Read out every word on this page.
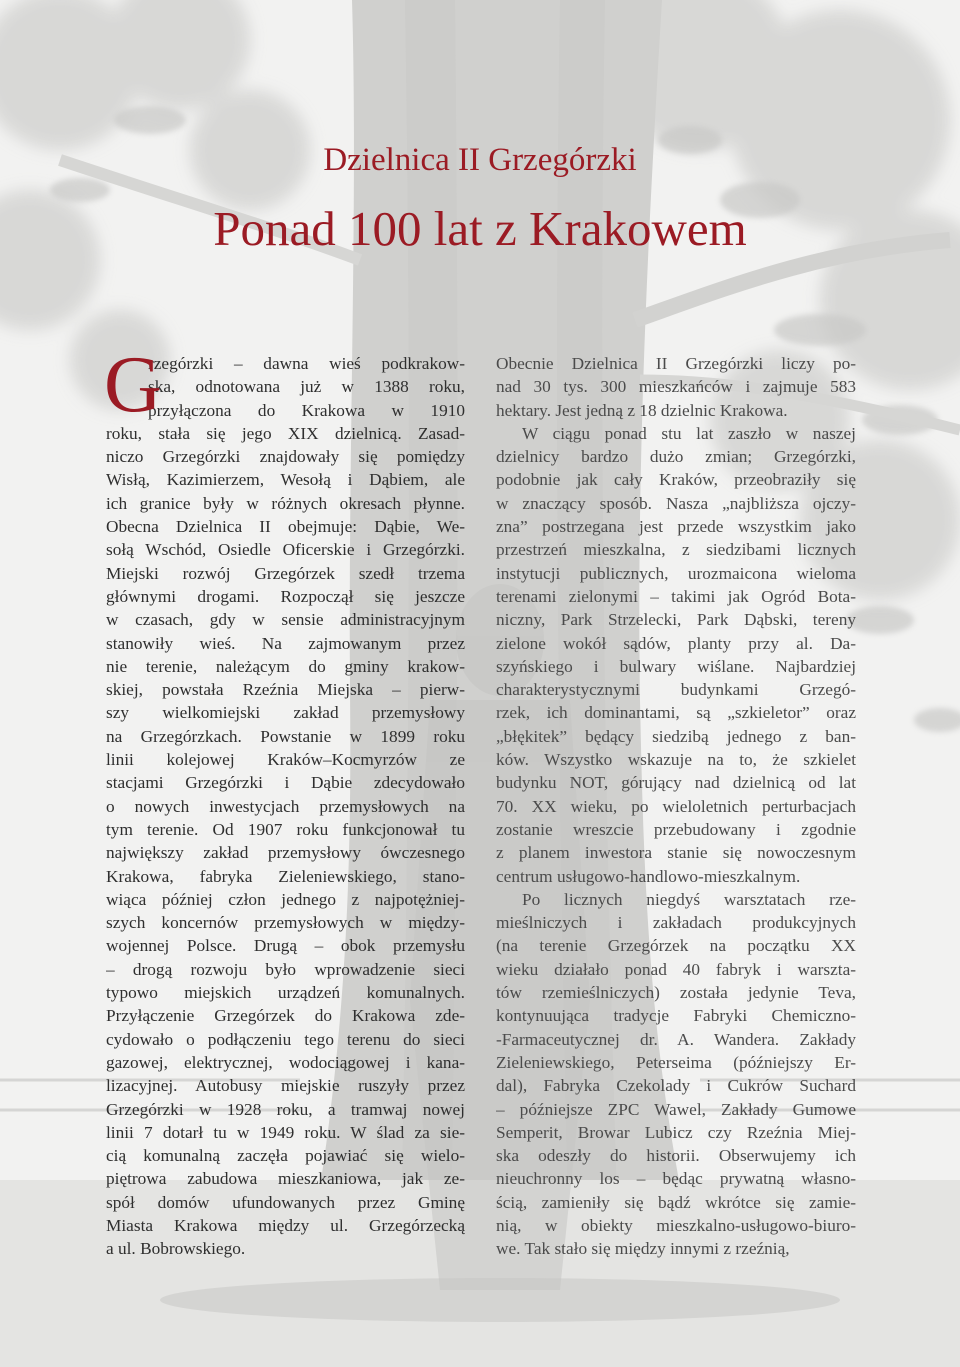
Dzielnica II Grzegórzki
Ponad 100 lat z Krakowem
G
rzegórzki – dawna wieś podkrakow-
ska, odnotowana już w 1388 roku,
przyłączona do Krakowa w 1910
roku, stała się jego XIX dzielnicą. Zasad-
niczo Grzegórzki znajdowały się pomiędzy
Wisłą, Kazimierzem, Wesołą i Dąbiem, ale
ich granice były w różnych okresach płynne.
Obecna Dzielnica II obejmuje: Dąbie, We-
sołą Wschód, Osiedle Oficerskie i Grzegórzki.
Miejski rozwój Grzegórzek szedł trzema
głównymi drogami. Rozpoczął się jeszcze
w czasach, gdy w sensie administracyjnym
stanowiły wieś. Na zajmowanym przez
nie terenie, należącym do gminy krakow-
skiej, powstała Rzeźnia Miejska – pierw-
szy wielkomiejski zakład przemysłowy
na Grzegórzkach. Powstanie w 1899 roku
linii kolejowej Kraków–Kocmyrzów ze
stacjami Grzegórzki i Dąbie zdecydowało
o nowych inwestycjach przemysłowych na
tym terenie. Od 1907 roku funkcjonował tu
największy zakład przemysłowy ówczesnego
Krakowa, fabryka Zieleniewskiego, stano-
wiąca później człon jednego z najpotężniej-
szych koncernów przemysłowych w między-
wojennej Polsce. Drugą – obok przemysłu
– drogą rozwoju było wprowadzenie sieci
typowo miejskich urządzeń komunalnych.
Przyłączenie Grzegórzek do Krakowa zde-
cydowało o podłączeniu tego terenu do sieci
gazowej, elektrycznej, wodociągowej i kana-
lizacyjnej. Autobusy miejskie ruszyły przez
Grzegórzki w 1928 roku, a tramwaj nowej
linii 7 dotarł tu w 1949 roku. W ślad za sie-
cią komunalną zaczęła pojawiać się wielo-
piętrowa zabudowa mieszkaniowa, jak ze-
spół domów ufundowanych przez Gminę
Miasta Krakowa między ul. Grzegórzecką
a ul. Bobrowskiego.
Obecnie Dzielnica II Grzegórzki liczy po-
nad 30 tys. 300 mieszkańców i zajmuje 583
hektary. Jest jedną z 18 dzielnic Krakowa.
W ciągu ponad stu lat zaszło w naszej
dzielnicy bardzo dużo zmian; Grzegórzki,
podobnie jak cały Kraków, przeobraziły się
w znaczący sposób. Nasza „najbliższa ojczy-
zna” postrzegana jest przede wszystkim jako
przestrzeń mieszkalna, z siedzibami licznych
instytucji publicznych, urozmaicona wieloma
terenami zielonymi – takimi jak Ogród Bota-
niczny, Park Strzelecki, Park Dąbski, tereny
zielone wokół sądów, planty przy al. Da-
szyńskiego i bulwary wiślane. Najbardziej
charakterystycznymi budynkami Grzegó-
rzek, ich dominantami, są „szkieletor” oraz
„błękitek” będący siedzibą jednego z ban-
ków. Wszystko wskazuje na to, że szkielet
budynku NOT, górujący nad dzielnicą od lat
70. XX wieku, po wieloletnich perturbacjach
zostanie wreszcie przebudowany i zgodnie
z planem inwestora stanie się nowoczesnym
centrum usługowo-handlowo-mieszkalnym.
Po licznych niegdyś warsztatach rze-
mieślniczych i zakładach produkcyjnych
(na terenie Grzegórzek na początku XX
wieku działało ponad 40 fabryk i warszta-
tów rzemieślniczych) została jedynie Teva,
kontynuująca tradycje Fabryki Chemiczno-
-Farmaceutycznej dr. A. Wandera. Zakłady
Zieleniewskiego, Peterseima (późniejszy Er-
dal), Fabryka Czekolady i Cukrów Suchard
– późniejsze ZPC Wawel, Zakłady Gumowe
Semperit, Browar Lubicz czy Rzeźnia Miej-
ska odeszły do historii. Obserwujemy ich
nieuchronny los – będąc prywatną własno-
ścią, zamieniły się bądź wkrótce się zamie-
nią, w obiekty mieszkalno-usługowo-biuro-
we. Tak stało się między innymi z rzeźnią,
